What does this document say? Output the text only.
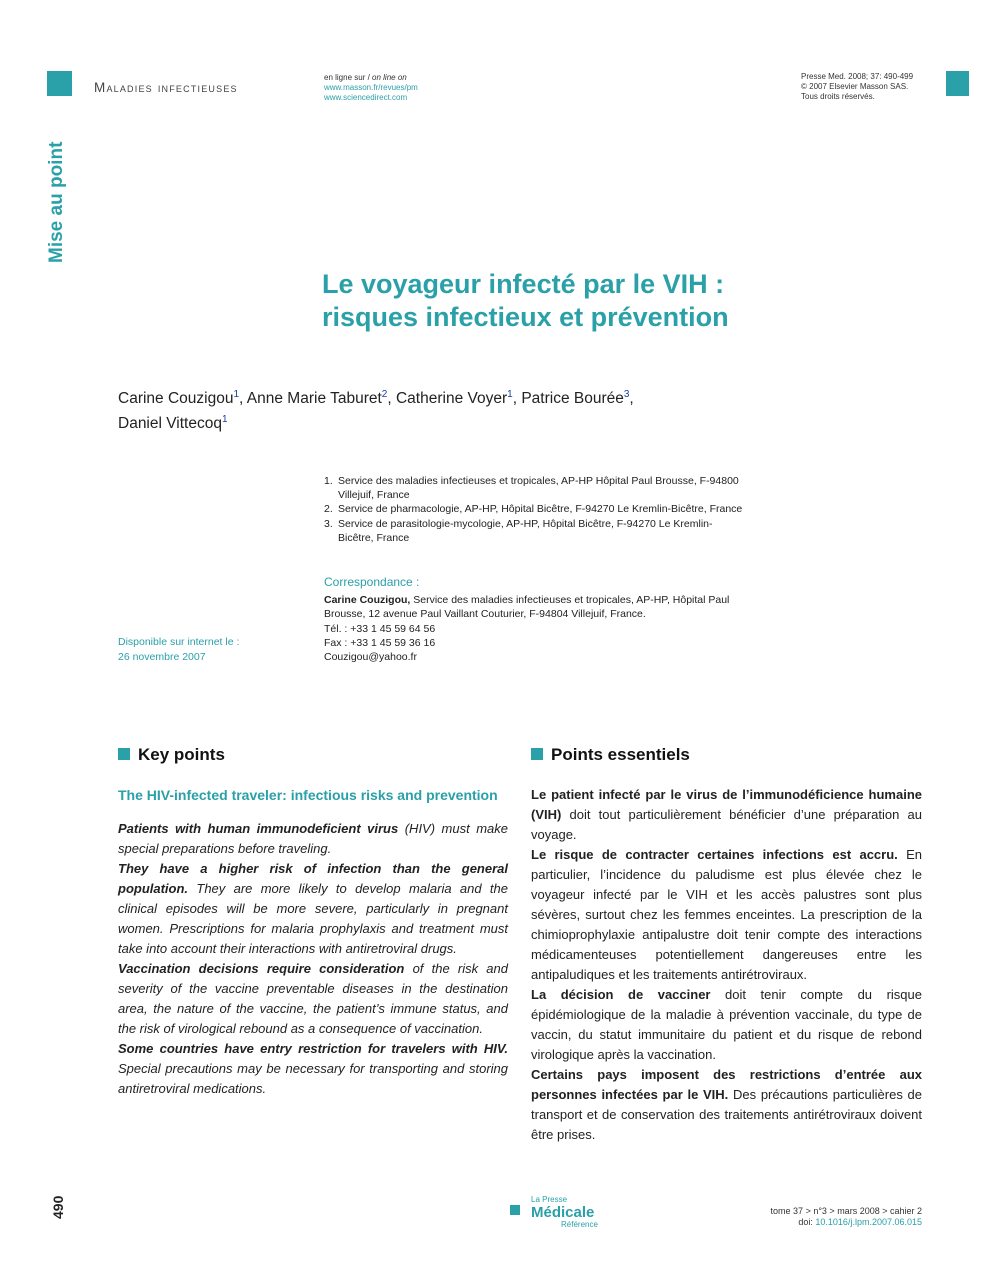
Maladies infectieuses
en ligne sur / on line on
www.masson.fr/revues/pm
www.sciencedirect.com
Presse Med. 2008; 37: 490-499
© 2007 Elsevier Masson SAS.
Tous droits réservés.
Mise au point
Le voyageur infecté par le VIH :
risques infectieux et prévention
Carine Couzigou$^1$, Anne Marie Taburet$^2$, Catherine Voyer$^1$, Patrice Bourée$^3$,
Daniel Vittecoq$^1$
1. Service des maladies infectieuses et tropicales, AP-HP Hôpital Paul Brousse, F-94800 Villejuif, France
2. Service de pharmacologie, AP-HP, Hôpital Bicêtre, F-94270 Le Kremlin-Bicêtre, France
3. Service de parasitologie-mycologie, AP-HP, Hôpital Bicêtre, F-94270 Le Kremlin-Bicêtre, France
Correspondance :
Carine Couzigou, Service des maladies infectieuses et tropicales, AP-HP, Hôpital Paul Brousse, 12 avenue Paul Vaillant Couturier, F-94804 Villejuif, France.
Tél. : +33 1 45 59 64 56
Fax : +33 1 45 59 36 16
Couzigou@yahoo.fr
Disponible sur internet le :
26 novembre 2007
Key points	Points essentiels
The HIV-infected traveler: infectious risks and prevention

Patients with human immunodeficient virus (HIV) must make special preparations before traveling.

They have a higher risk of infection than the general population. They are more likely to develop malaria and the clinical episodes will be more severe, particularly in pregnant women. Prescriptions for malaria prophylaxis and treatment must take into account their interactions with antiretroviral drugs.

Vaccination decisions require consideration of the risk and severity of the vaccine preventable diseases in the destination area, the nature of the vaccine, the patient’s immune status, and the risk of virological rebound as a consequence of vaccination.

Some countries have entry restriction for travelers with HIV. Special precautions may be necessary for transporting and storing antiretroviral medications.

Le patient infecté par le virus de l’immunodéficience humaine (VIH) doit tout particulièrement bénéficier d’une préparation au voyage.

Le risque de contracter certaines infections est accru. En particulier, l’incidence du paludisme est plus élevée chez le voyageur infecté par le VIH et les accès palustres sont plus sévères, surtout chez les femmes enceintes. La prescription de la chimioprophylaxie antipalustre doit tenir compte des interactions médicamenteuses potentiellement dangereuses entre les antipaludiques et les traitements antirétroviraux.

La décision de vacciner doit tenir compte du risque épidémiologique de la maladie à prévention vaccinale, du type de vaccin, du statut immunitaire du patient et du risque de rebond virologique après la vaccination.

Certains pays imposent des restrictions d’entrée aux personnes infectées par le VIH. Des précautions particulières de transport et de conservation des traitements antirétroviraux doivent être prises.

490	La Presse
Médicale
Référence
tome 37 > n°3 > mars 2008 > cahier 2
doi: 10.1016/j.lpm.2007.06.015
